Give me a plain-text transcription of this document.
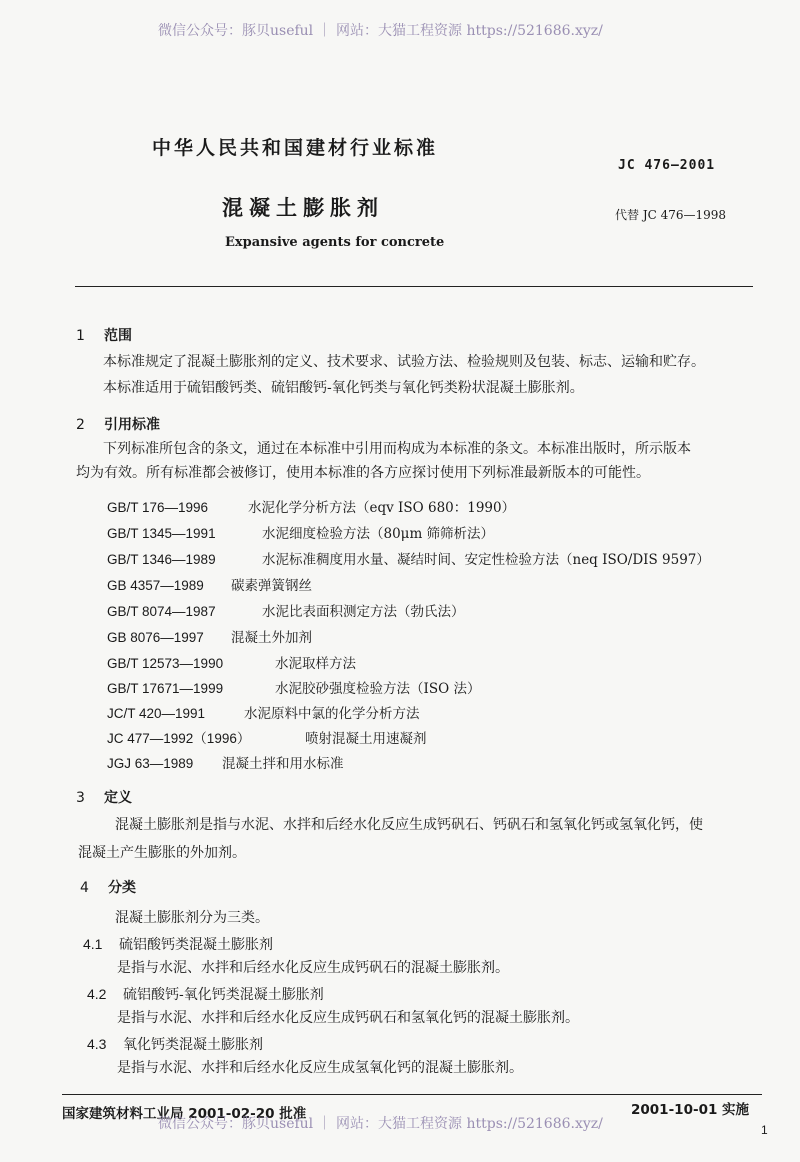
微信公众号：豚贝useful ｜ 网站：大猫工程资源 https://521686.xyz/
中华人民共和国建材行业标准
JC 476—2001
混凝土膨胀剂	代替 JC 476—1998
Expansive agents for concrete
1 范围
本标准规定了混凝土膨胀剂的定义、技术要求、试验方法、检验规则及包装、标志、运输和贮存。
本标准适用于硫铝酸钙类、硫铝酸钙-氧化钙类与氧化钙类粉状混凝土膨胀剂。
2 引用标准
下列标准所包含的条文，通过在本标准中引用而构成为本标准的条文。本标准出版时，所示版本
均为有效。所有标准都会被修订，使用本标准的各方应探讨使用下列标准最新版本的可能性。
GB/T 176—1996	水泥化学分析方法（eqv ISO 680：1990）
GB/T 1345—1991	水泥细度检验方法（80μm 筛筛析法）
GB/T 1346—1989	水泥标准稠度用水量、凝结时间、安定性检验方法（neq ISO/DIS 9597）
GB 4357—1989 碳素弹簧钢丝
GB/T 8074—1987	水泥比表面积测定方法（勃氏法）
GB 8076—1997 混凝土外加剂
GB/T 12573—1990	水泥取样方法
GB/T 17671—1999	水泥胶砂强度检验方法（ISO 法）
JC/T 420—1991	水泥原料中氯的化学分析方法
JC 477—1992（1996）	喷射混凝土用速凝剂
JGJ 63—1989 混凝土拌和用水标准
3 定义
混凝土膨胀剂是指与水泥、水拌和后经水化反应生成钙矾石、钙矾石和氢氧化钙或氢氧化钙，使
混凝土产生膨胀的外加剂。
4 分类
混凝土膨胀剂分为三类。
4.1 硫铝酸钙类混凝土膨胀剂
是指与水泥、水拌和后经水化反应生成钙矾石的混凝土膨胀剂。
4.2 硫铝酸钙-氧化钙类混凝土膨胀剂
是指与水泥、水拌和后经水化反应生成钙矾石和氢氧化钙的混凝土膨胀剂。
4.3 氧化钙类混凝土膨胀剂
是指与水泥、水拌和后经水化反应生成氢氧化钙的混凝土膨胀剂。
国家建筑材料工业局 2001-02-20 批准	2001-10-01 实施
微信公众号：豚贝useful ｜ 网站：大猫工程资源 https://521686.xyz/	1
